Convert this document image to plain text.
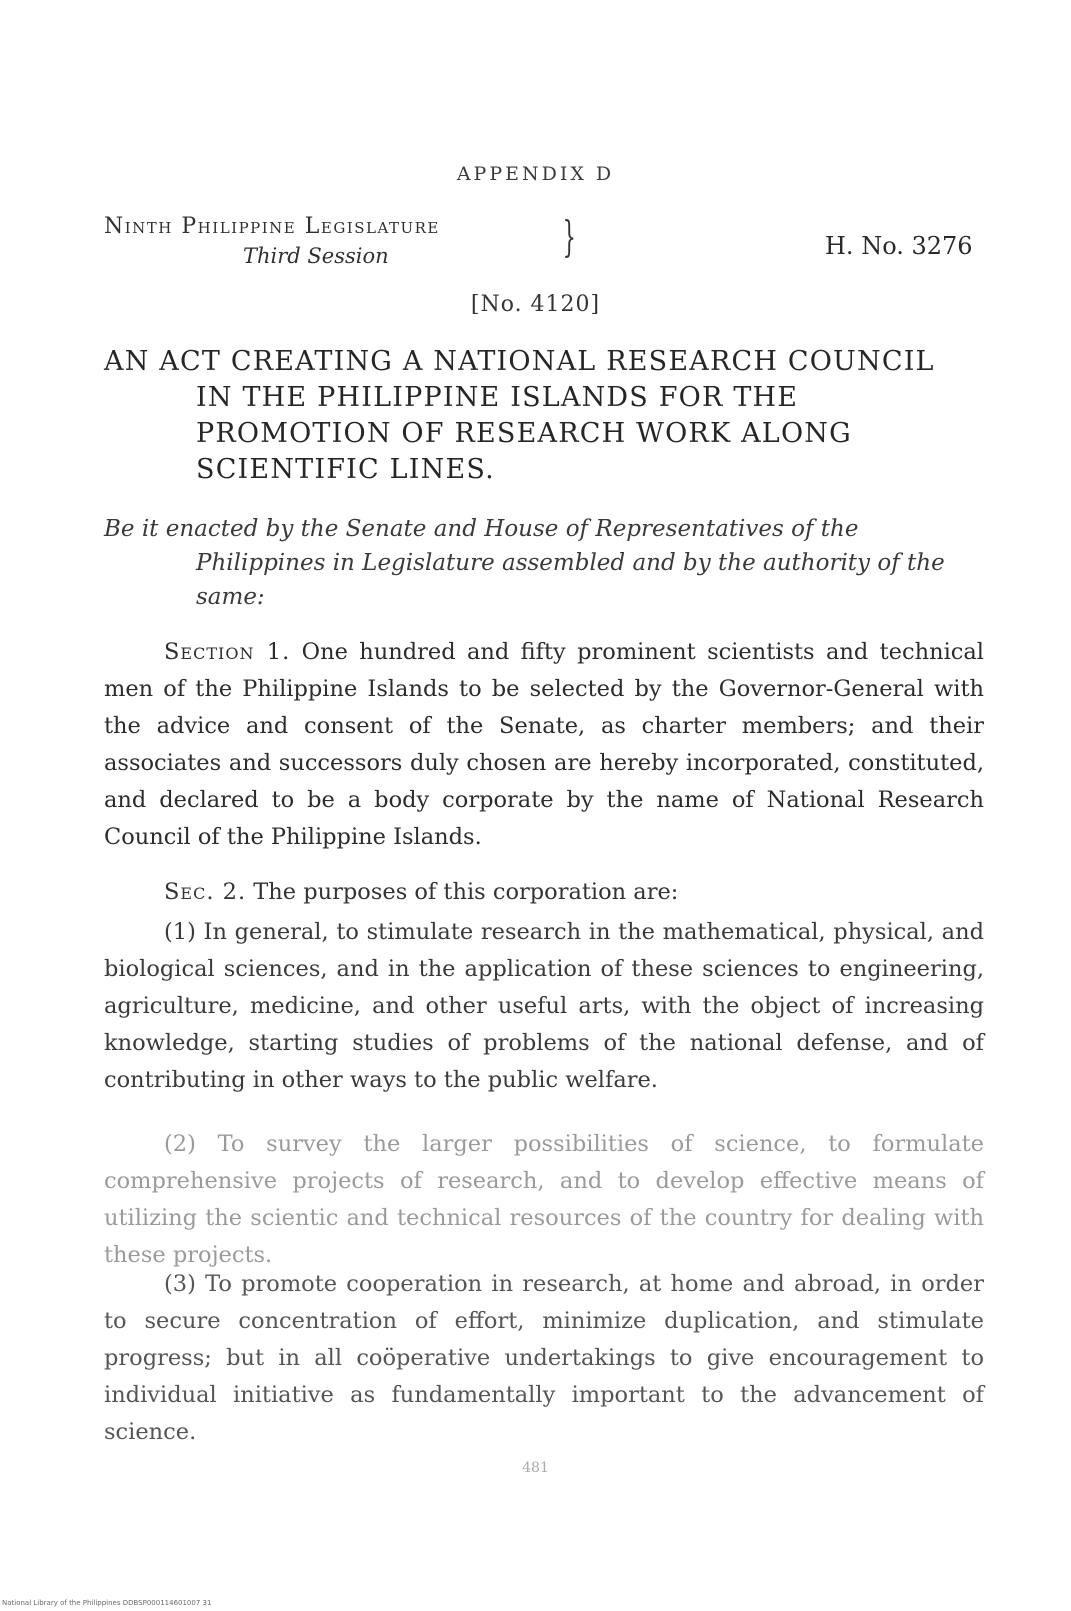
APPENDIX D
Ninth Philippine Legislature
Third Session	}	H. No. 3276
[No. 4120]
AN ACT CREATING A NATIONAL RESEARCH COUNCIL
IN THE PHILIPPINE ISLANDS FOR THE PROMOTION OF RESEARCH WORK ALONG SCIENTIFIC LINES.
Be it enacted by the Senate and House of Representatives of the
Philippines in Legislature assembled and by the authority of the same:

Section 1. One hundred and fifty prominent scientists and technical men of the Philippine Islands to be selected by the Governor-General with the advice and consent of the Senate, as charter members; and their associates and successors duly chosen are hereby incorporated, constituted, and declared to be a body corporate by the name of National Research Council of the Philippine Islands.

Sec. 2. The purposes of this corporation are:

(1) In general, to stimulate research in the mathematical, physical, and biological sciences, and in the application of these sciences to engineering, agriculture, medicine, and other useful arts, with the object of increasing knowledge, starting studies of problems of the national defense, and of contributing in other ways to the public welfare.

(2) To survey the larger possibilities of science, to formulate comprehensive projects of research, and to develop effective means of utilizing the scientic and technical resources of the country for dealing with these projects.

(3) To promote cooperation in research, at home and abroad, in order to secure concentration of effort, minimize duplication, and stimulate progress; but in all coöperative undertakings to give encouragement to individual initiative as fundamentally important to the advancement of science.

481
National Library of the Philippines DDBSP000114601007 31
